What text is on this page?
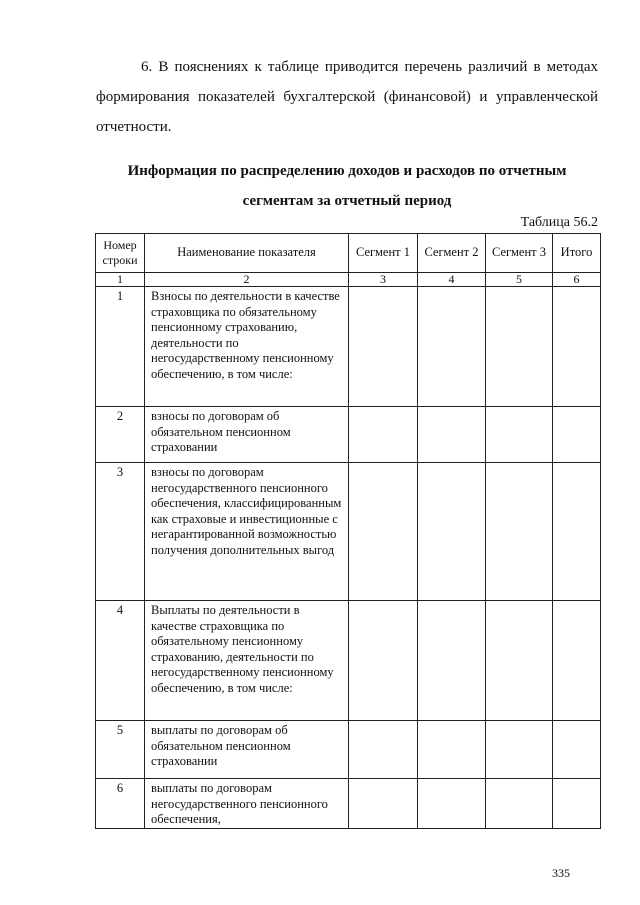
6. В пояснениях к таблице приводится перечень различий в методах
формирования показателей бухгалтерской (финансовой) и управленческой
отчетности.

Информация по распределению доходов и расходов по отчетным
сегментам за отчетный период

Таблица 56.2

Номер
строки	Наименование показателя	Сегмент 1	Сегмент 2	Сегмент 3	Итого
1	2	3	4	5	6
1	Взносы по деятельности в качестве страховщика по обязательному пенсионному страхованию, деятельности по негосударственному пенсионному обеспечению, в том числе:				
2	взносы по договорам об обязательном пенсионном страховании				
3	взносы по договорам негосударственного пенсионного обеспечения, классифицированным как страховые и инвестиционные с негарантированной возможностью получения дополнительных выгод				
4	Выплаты по деятельности в качестве страховщика по обязательному пенсионному страхованию, деятельности по негосударственному пенсионному обеспечению, в том числе:				
5	выплаты по договорам об обязательном пенсионном страховании				
6	выплаты по договорам негосударственного пенсионного обеспечения,				

335
